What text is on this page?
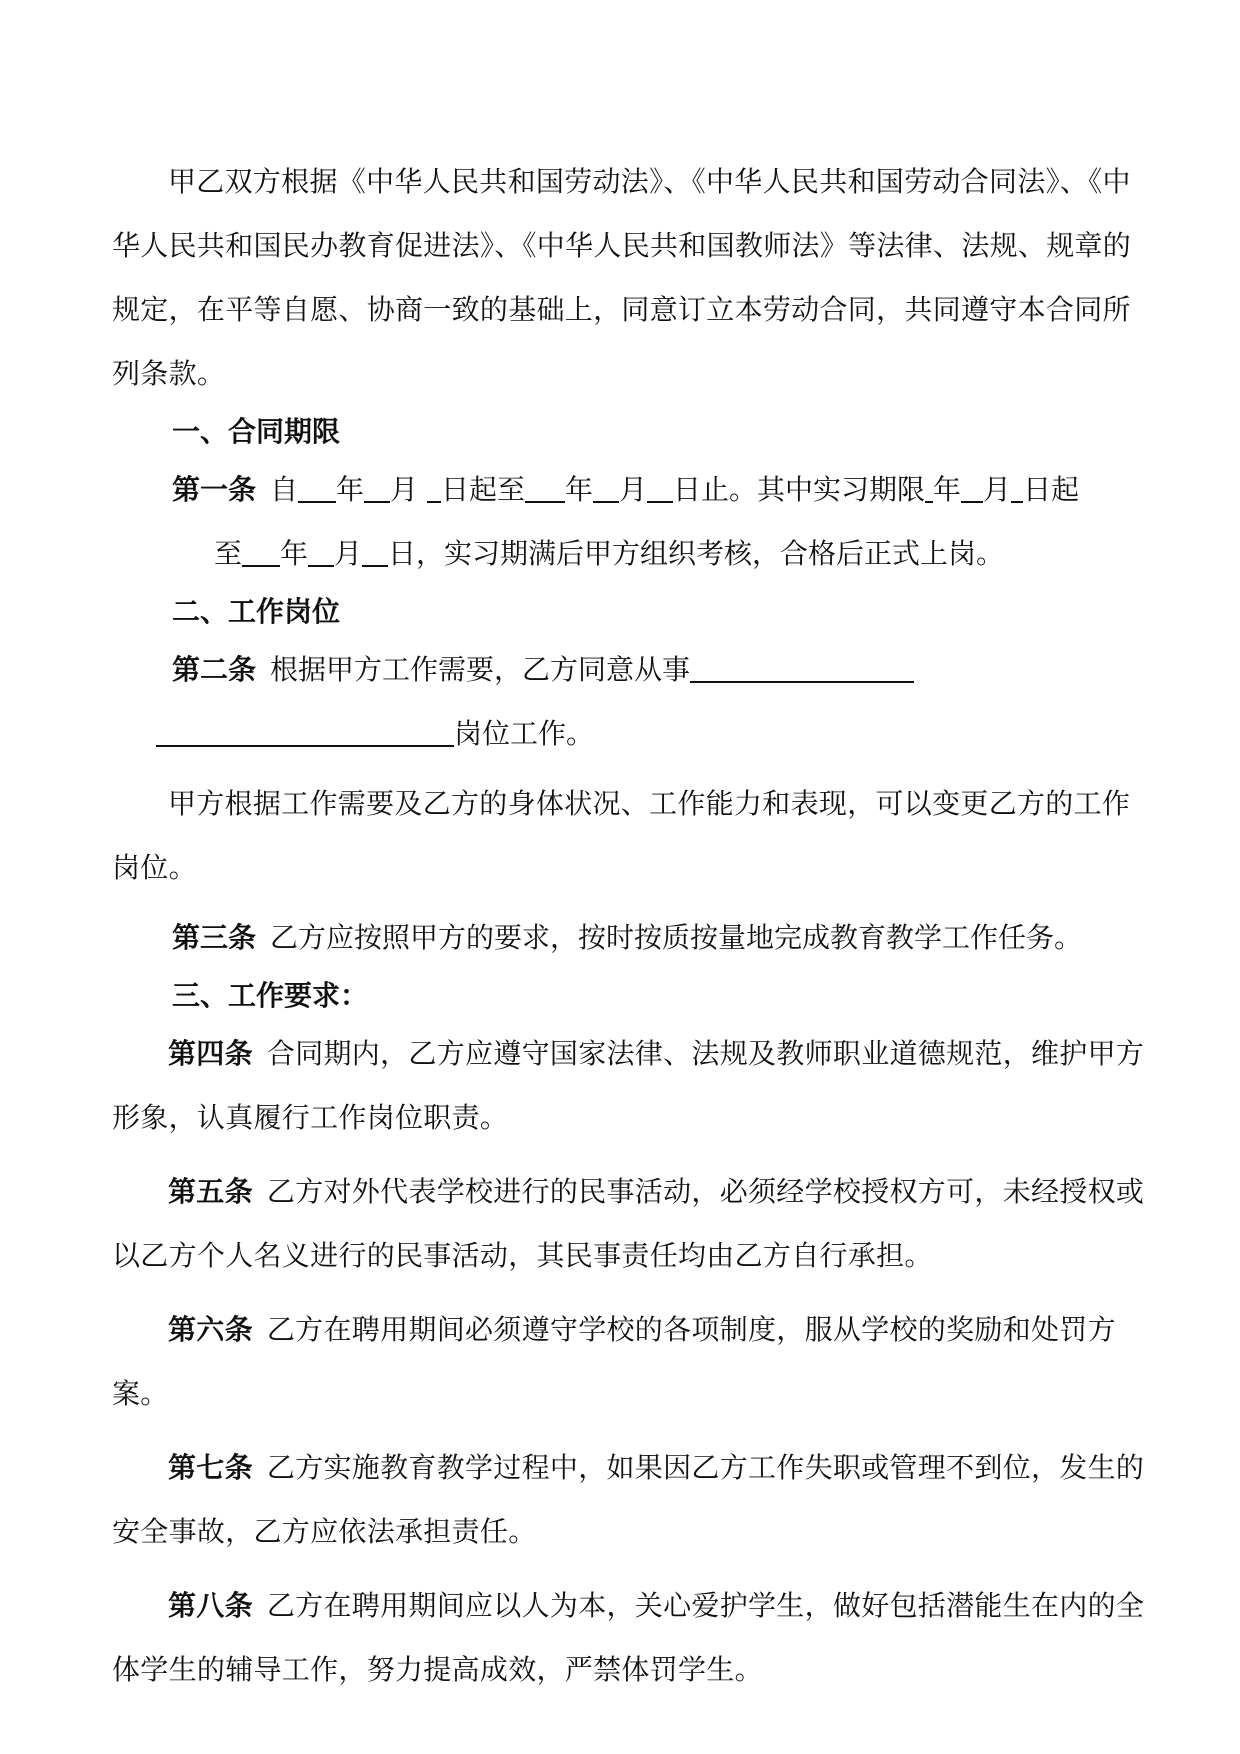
甲乙双方根据《中华人民共和国劳动法》、《中华人民共和国劳动合同法》、《中华人民共和国民办教育促进法》、《中华人民共和国教师法》等法律、法规、规章的规定，在平等自愿、协商一致的基础上，同意订立本劳动合同，共同遵守本合同所列条款。

一、合同期限
第一条 自 年 月 日起至 年 月 日止。其中实习期限 年 月 日起
至 年 月 日，实习期满后甲方组织考核，合格后正式上岗。
二、工作岗位
第二条 根据甲方工作需要，乙方同意从事
岗位工作。

甲方根据工作需要及乙方的身体状况、工作能力和表现，可以变更乙方的工作岗位。

第三条 乙方应按照甲方的要求，按时按质按量地完成教育教学工作任务。
三、工作要求：

第四条 合同期内，乙方应遵守国家法律、法规及教师职业道德规范，维护甲方形象，认真履行工作岗位职责。

第五条 乙方对外代表学校进行的民事活动，必须经学校授权方可，未经授权或以乙方个人名义进行的民事活动，其民事责任均由乙方自行承担。

第六条 乙方在聘用期间必须遵守学校的各项制度，服从学校的奖励和处罚方案。

第七条 乙方实施教育教学过程中，如果因乙方工作失职或管理不到位，发生的安全事故，乙方应依法承担责任。

第八条 乙方在聘用期间应以人为本，关心爱护学生，做好包括潜能生在内的全体学生的辅导工作，努力提高成效，严禁体罚学生。
